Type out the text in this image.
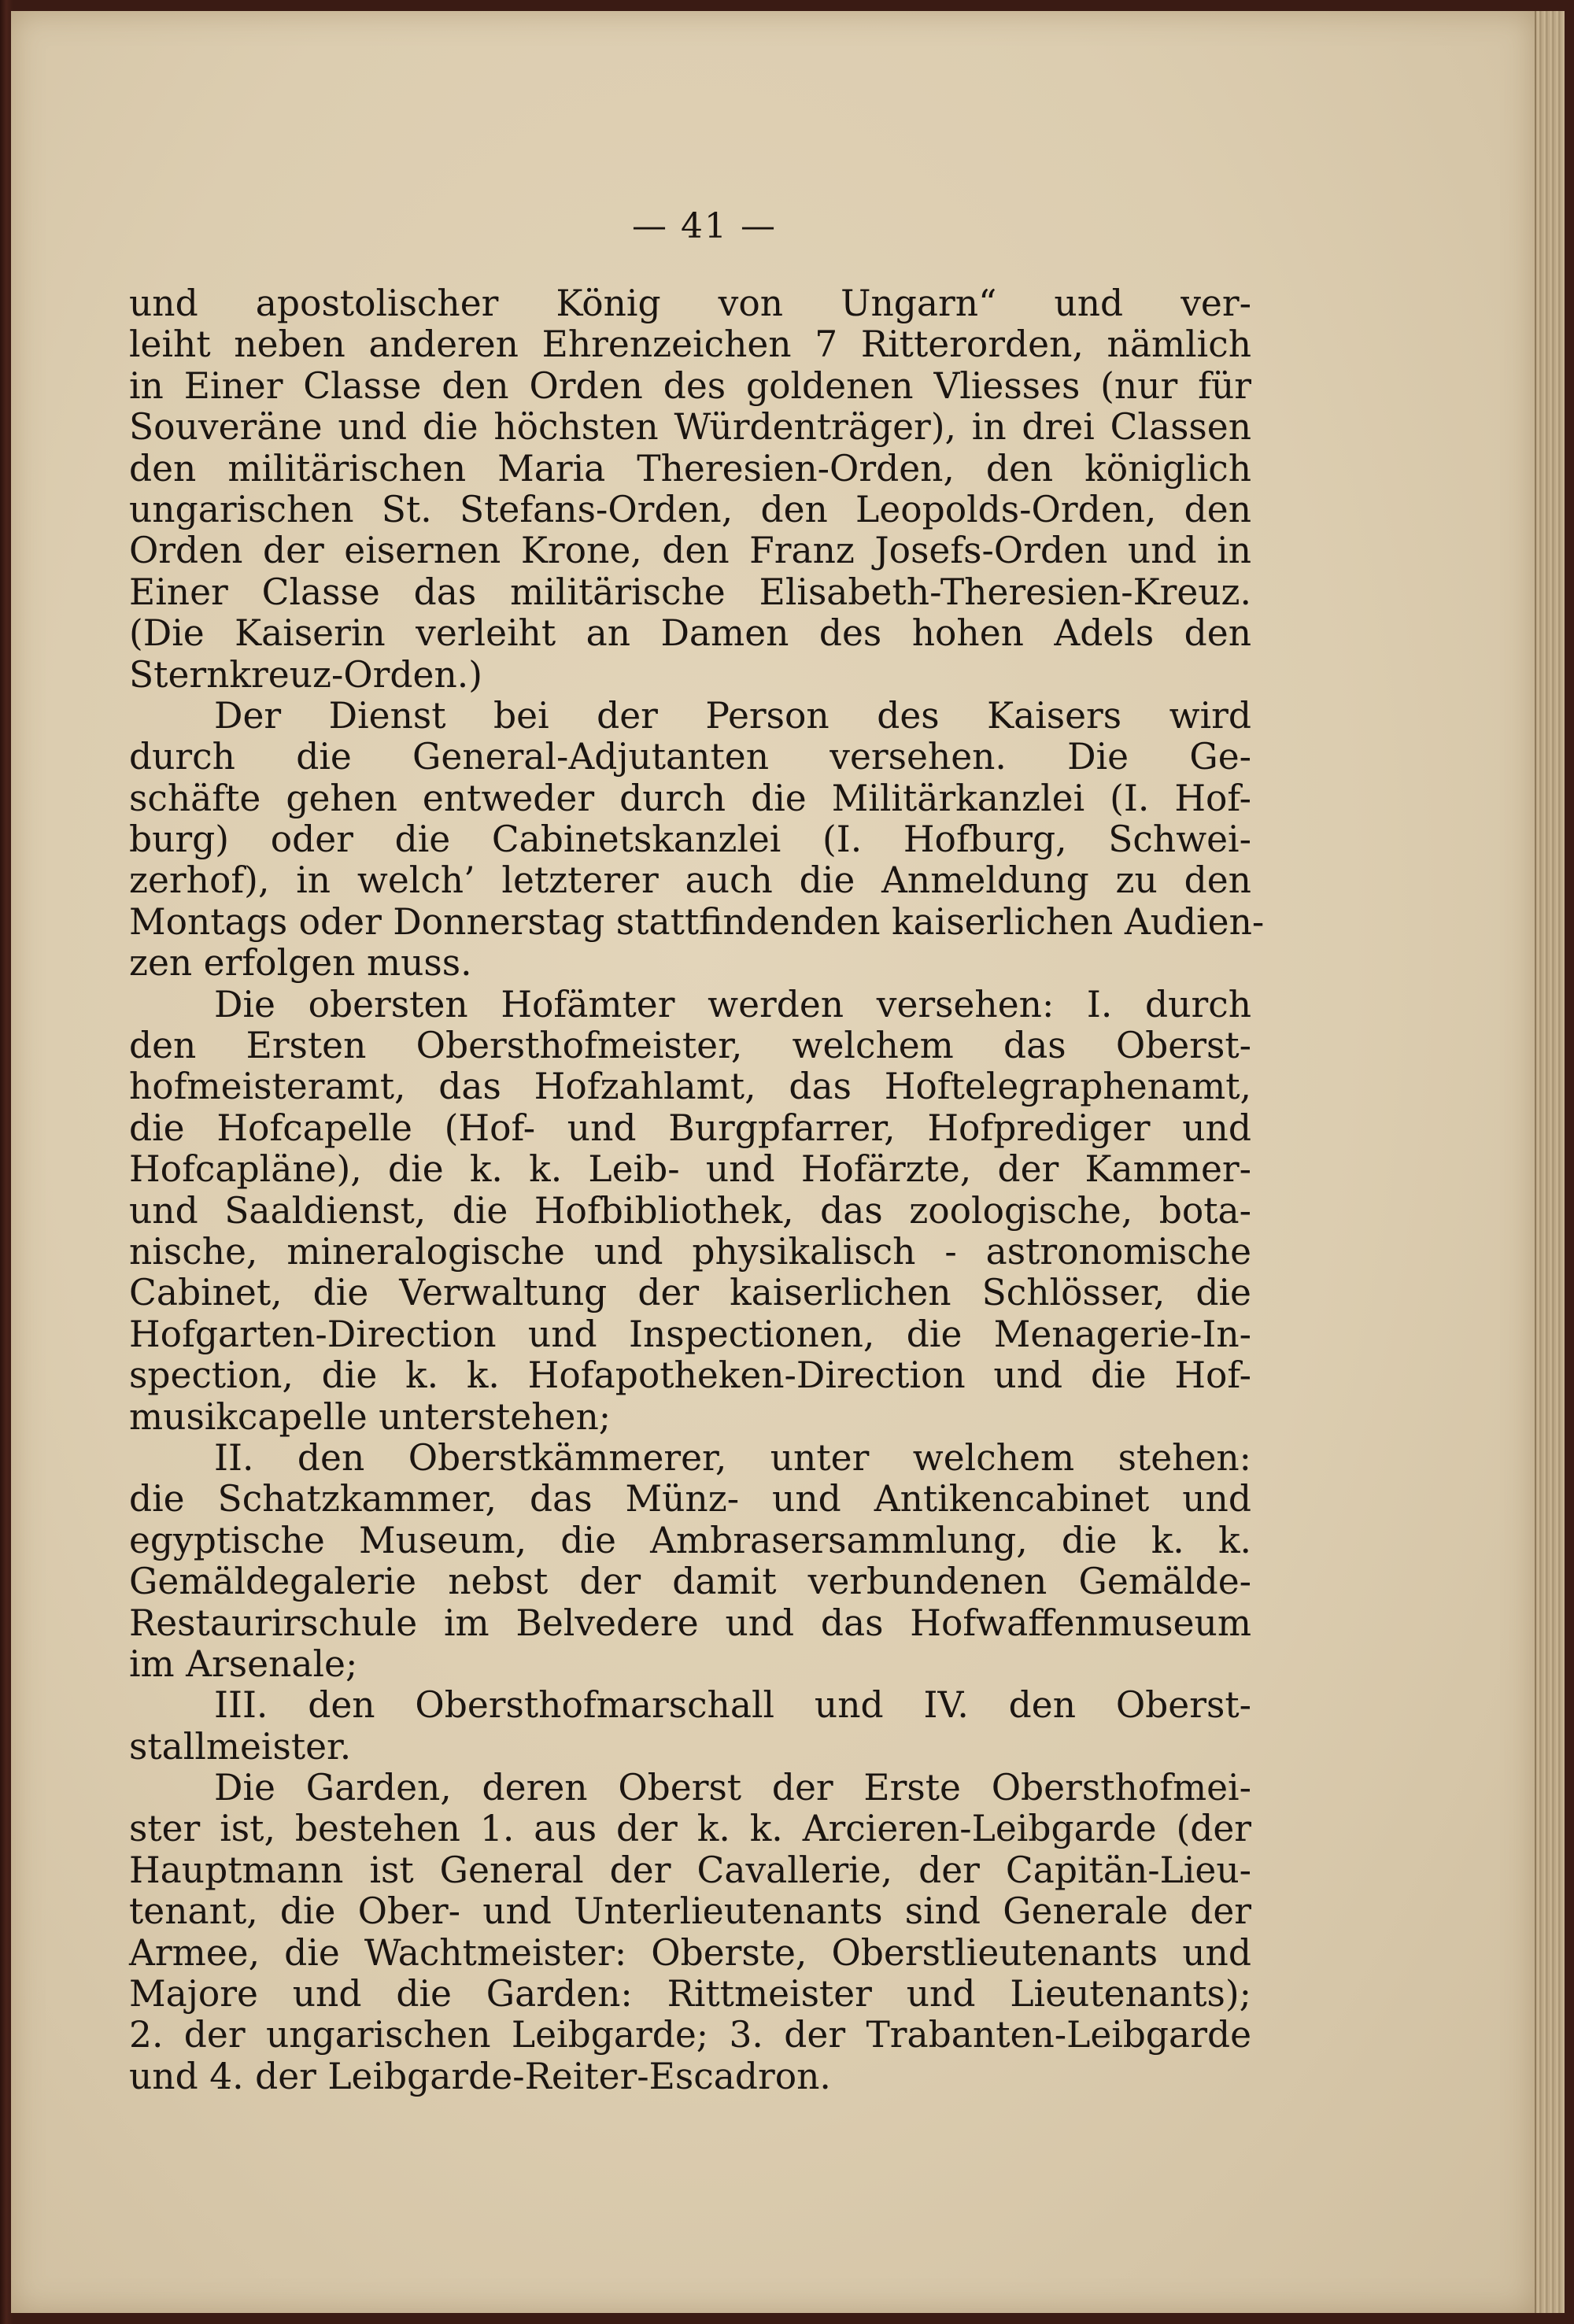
— 41 —
und apostolischer König von Ungarn“ und ver-
leiht neben anderen Ehrenzeichen 7 Ritterorden, nämlich
in Einer Classe den Orden des goldenen Vliesses (nur für
Souveräne und die höchsten Würdenträger), in drei Classen
den militärischen Maria Theresien-Orden, den königlich
ungarischen St. Stefans-Orden, den Leopolds-Orden, den
Orden der eisernen Krone, den Franz Josefs-Orden und in
Einer Classe das militärische Elisabeth-Theresien-Kreuz.
(Die Kaiserin verleiht an Damen des hohen Adels den
Sternkreuz-Orden.)
Der Dienst bei der Person des Kaisers wird
durch die General-Adjutanten versehen. Die Ge-
schäfte gehen entweder durch die Militärkanzlei (I. Hof-
burg) oder die Cabinetskanzlei (I. Hofburg, Schwei-
zerhof), in welch’ letzterer auch die Anmeldung zu den
Montags oder Donnerstag stattfindenden kaiserlichen Audien-
zen erfolgen muss.
Die obersten Hofämter werden versehen: I. durch
den Ersten Obersthofmeister, welchem das Oberst-
hofmeisteramt, das Hofzahlamt, das Hoftelegraphenamt,
die Hofcapelle (Hof- und Burgpfarrer, Hofprediger und
Hofcapläne), die k. k. Leib- und Hofärzte, der Kammer-
und Saaldienst, die Hofbibliothek, das zoologische, bota-
nische, mineralogische und physikalisch - astronomische
Cabinet, die Verwaltung der kaiserlichen Schlösser, die
Hofgarten-Direction und Inspectionen, die Menagerie-In-
spection, die k. k. Hofapotheken-Direction und die Hof-
musikcapelle unterstehen;
II. den Oberstkämmerer, unter welchem stehen:
die Schatzkammer, das Münz- und Antikencabinet und
egyptische Museum, die Ambrasersammlung, die k. k.
Gemäldegalerie nebst der damit verbundenen Gemälde-
Restaurirschule im Belvedere und das Hofwaffenmuseum
im Arsenale;
III. den Obersthofmarschall und IV. den Oberst-
stallmeister.
Die Garden, deren Oberst der Erste Obersthofmei-
ster ist, bestehen 1. aus der k. k. Arcieren-Leibgarde (der
Hauptmann ist General der Cavallerie, der Capitän-Lieu-
tenant, die Ober- und Unterlieutenants sind Generale der
Armee, die Wachtmeister: Oberste, Oberstlieutenants und
Majore und die Garden: Rittmeister und Lieutenants);
2. der ungarischen Leibgarde; 3. der Trabanten-Leibgarde
und 4. der Leibgarde-Reiter-Escadron.
